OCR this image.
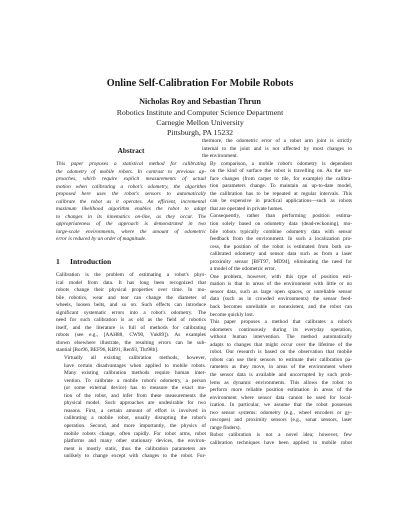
Online Self-Calibration For Mobile Robots
Nicholas Roy and Sebastian Thrun
Robotics Institute and Computer Science Department
Carnegie Mellon University
Pittsburgh, PA 15232
Abstract
This paper proposes a statistical method for calibrating
the odometry of mobile robots. In contrast to previous ap-
proaches, which require explicit measurements of actual
motion when calibrating a robot's odometry, the algorithm
proposed here uses the robot's sensors to automatically
calibrate the robot as it operates. An efficient, incremental
maximum likelihood algorithm enables the robot to adapt
to changes in its kinematics on-line, as they occur. The
appropriateness of the approach is demonstrated in two
large-scale environments, where the amount of odometric
error is reduced by an order of magnitude.
1 Introduction

Calibration is the problem of estimating a robot's phys-
ical model from data. It has long been recognized that
robots change their physical properties over time. In mo-
bile robotics, wear and tear can change the diameter of
wheels, loosen belts, and so on. Such effects can introduce
significant systematic errors into a robot's odometry. The
need for such calibration is as old as the field of robotics
itself, and the literature is full of methods for calibrating
robots (see e.g., [AAH88, CW90, Vuk89]). As examples
shown elsewhere illustrate, the resulting errors can be sub-
stantial [Bor96, BEF96, KB91, Ren93, Thr98b].

Virtually all existing calibration methods, however,
have certain disadvantages when applied to mobile robots.
Many existing calibration methods require human inter-
vention. To calibrate a mobile robot's odometry, a person
(or some external device) has to measure the exact mo-
tion of the robot, and infer from these measurements the
physical model. Such approaches are undesirable for two
reasons. First, a certain amount of effort is involved in
calibrating a mobile robot, usually disrupting the robot's
operation. Second, and more importantly, the physics of
mobile robots change, often rapidly. For robot arms, robot
platforms and many other stationary devices, the environ-
ment is mostly static, thus the calibration parameters are
unlikely to change except with changes to the robot. Fur-

thermore, the odometric error of a robot arm joint is strictly
internal to the joint and is not affected by most changes to
the environment.

By comparison, a mobile robot's odometry is dependent
on the kind of surface the robot is travelling on. As the sur-
face changes (from carpet to tile, for example) the calibra-
tion parameters change. To maintain an up-to-date model,
the calibration has to be repeated at regular intervals. This
can be expensive in practical applications—such as robots
that are operated in private homes.

Consequently, rather than performing position estima-
tion solely based on odometry data (dead-reckoning), mo-
bile robots typically combine odometry data with sensor
feedback from the environment. In such a localization pro-
cess, the position of the robot is estimated from both un-
calibrated odometry and sensor data such as from a laser
proximity sensor [BFT97, MD94], eliminating the need for
a model of the odometric error.

One problem, however, with this type of position esti-
mation is that in areas of the environment with little or no
sensor data, such as large open spaces, or unreliable sensor
data (such as in crowded environments) the sensor feed-
back becomes unreliable or nonexistent, and the robot can
become quickly lost.

This paper proposes a method that calibrates a robot's
odometers continuously during its everyday operation,
without human intervention. The method automatically
adapts to changes that might occur over the lifetime of the
robot. Our research is based on the observation that mobile
robots can use their sensors to estimate their calibration pa-
rameters as they move, in areas of the environment where
the sensor data is available and uncorrupted by such prob-
lems as dynamic environments. This allows the robot to
perform more reliable position estimation in areas of the
environment where sensor data cannot be used for local-
ization. In particular, we assume that the robot possesses
two sensor systems: odometry (e.g., wheel encoders or gy-
roscopes) and proximity sensors (e.g., sonar sensors, laser
range finders).

Robot calibration is not a novel idea; however, few
calibration techniques have been applied to mobile robot
